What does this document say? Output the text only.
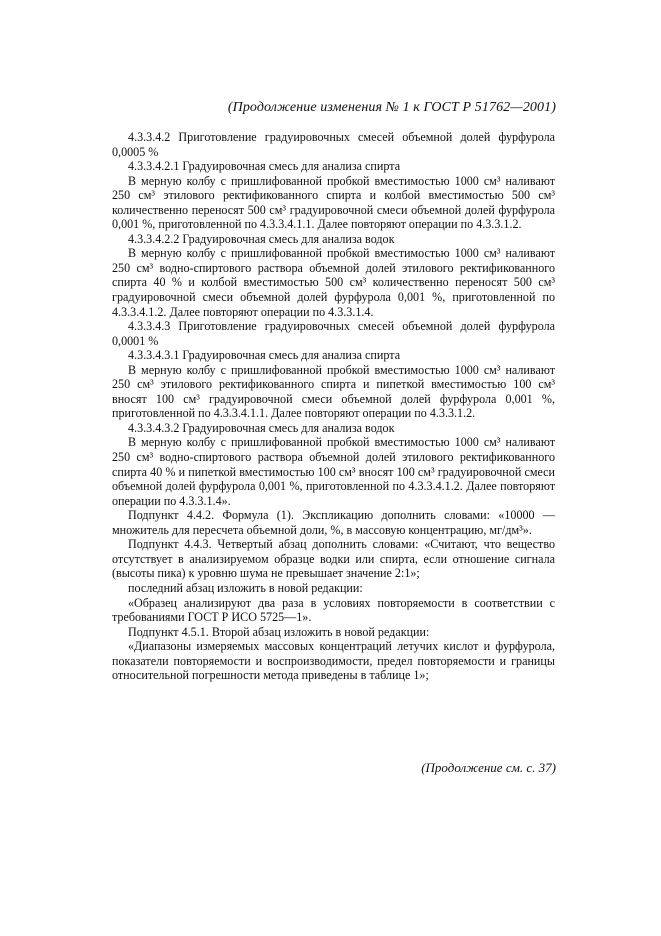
(Продолжение изменения № 1 к ГОСТ Р 51762—2001)

4.3.3.4.2 Приготовление градуировочных смесей объемной долей фурфурола 0,0005 %

4.3.3.4.2.1 Градуировочная смесь для анализа спирта

В мерную колбу с пришлифованной пробкой вместимостью 1000 см³ наливают 250 см³ этилового ректификованного спирта и колбой вместимостью 500 см³ количественно переносят 500 см³ градуировочной смеси объемной долей фурфурола 0,001 %, приготовленной по 4.3.3.4.1.1. Далее повторяют операции по 4.3.3.1.2.

4.3.3.4.2.2 Градуировочная смесь для анализа водок

В мерную колбу с пришлифованной пробкой вместимостью 1000 см³ наливают 250 см³ водно-спиртового раствора объемной долей этилового ректификованного спирта 40 % и колбой вместимостью 500 см³ количественно переносят 500 см³ градуировочной смеси объемной долей фурфурола 0,001 %, приготовленной по 4.3.3.4.1.2. Далее повторяют операции по 4.3.3.1.4.

4.3.3.4.3 Приготовление градуировочных смесей объемной долей фурфурола 0,0001 %

4.3.3.4.3.1 Градуировочная смесь для анализа спирта

В мерную колбу с пришлифованной пробкой вместимостью 1000 см³ наливают 250 см³ этилового ректификованного спирта и пипеткой вместимостью 100 см³ вносят 100 см³ градуировочной смеси объемной долей фурфурола 0,001 %, приготовленной по 4.3.3.4.1.1. Далее повторяют операции по 4.3.3.1.2.

4.3.3.4.3.2 Градуировочная смесь для анализа водок

В мерную колбу с пришлифованной пробкой вместимостью 1000 см³ наливают 250 см³ водно-спиртового раствора объемной долей этилового ректификованного спирта 40 % и пипеткой вместимостью 100 см³ вносят 100 см³ градуировочной смеси объемной долей фурфурола 0,001 %, приготовленной по 4.3.3.4.1.2. Далее повторяют операции по 4.3.3.1.4».

Подпункт 4.4.2. Формула (1). Экспликацию дополнить словами: «10000 — множитель для пересчета объемной доли, %, в массовую концентрацию, мг/дм³».

Подпункт 4.4.3. Четвертый абзац дополнить словами: «Считают, что вещество отсутствует в анализируемом образце водки или спирта, если отношение сигнала (высоты пика) к уровню шума не превышает значение 2:1»;

последний абзац изложить в новой редакции:

«Образец анализируют два раза в условиях повторяемости в соответствии с требованиями ГОСТ Р ИСО 5725—1».

Подпункт 4.5.1. Второй абзац изложить в новой редакции:

«Диапазоны измеряемых массовых концентраций летучих кислот и фурфурола, показатели повторяемости и воспроизводимости, предел повторяемости и границы относительной погрешности метода приведены в таблице 1»;

(Продолжение см. с. 37)
